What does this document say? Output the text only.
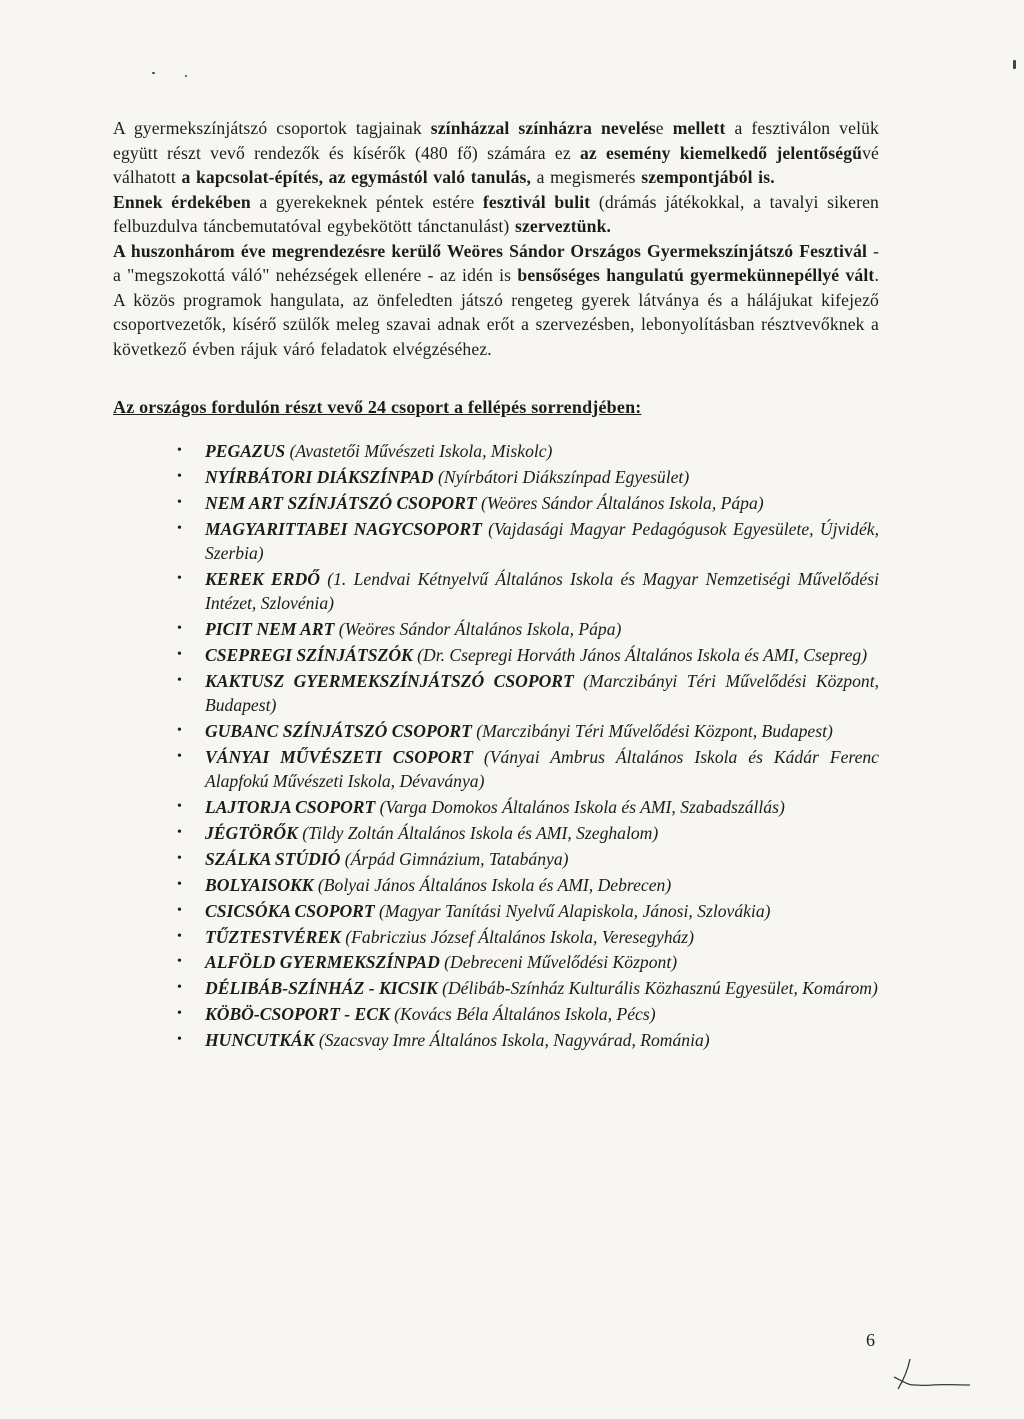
A gyermekszínjátszó csoportok tagjainak színházzal színházra nevelése mellett a fesztiválon velük együtt részt vevő rendezők és kísérők (480 fő) számára ez az esemény kiemelkedő jelentőségűvé válhatott a kapcsolat-építés, az egymástól való tanulás, a megismerés szempontjából is.

Ennek érdekében a gyerekeknek péntek estére fesztivál bulit (drámás játékokkal, a tavalyi sikeren felbuzdulva táncbemutatóval egybekötött tánctanulást) szerveztünk.

A huszonhárom éve megrendezésre kerülő Weöres Sándor Országos Gyermekszínjátszó Fesztivál - a "megszokottá váló" nehézségek ellenére - az idén is bensőséges hangulatú gyermekünnepéllyé vált. A közös programok hangulata, az önfeledten játszó rengeteg gyerek látványa és a hálájukat kifejező csoportvezetők, kísérő szülők meleg szavai adnak erőt a szervezésben, lebonyolításban résztvevőknek a következő évben rájuk váró feladatok elvégzéséhez.

Az országos fordulón részt vevő 24 csoport a fellépés sorrendjében:
• PEGAZUS (Avastetői Művészeti Iskola, Miskolc)
• NYÍRBÁTORI DIÁKSZÍNPAD (Nyírbátori Diákszínpad Egyesület)
• NEM ART SZÍNJÁTSZÓ CSOPORT (Weöres Sándor Általános Iskola, Pápa)
• MAGYARITTABEI NAGYCSOPORT (Vajdasági Magyar Pedagógusok Egyesülete, Újvidék, Szerbia)
• KEREK ERDŐ (1. Lendvai Kétnyelvű Általános Iskola és Magyar Nemzetiségi Művelődési Intézet, Szlovénia)
• PICIT NEM ART (Weöres Sándor Általános Iskola, Pápa)
• CSEPREGI SZÍNJÁTSZÓK (Dr. Csepregi Horváth János Általános Iskola és AMI, Csepreg)
• KAKTUSZ GYERMEKSZÍNJÁTSZÓ CSOPORT (Marczibányi Téri Művelődési Központ, Budapest)
• GUBANC SZÍNJÁTSZÓ CSOPORT (Marczibányi Téri Művelődési Központ, Budapest)
• VÁNYAI MŰVÉSZETI CSOPORT (Ványai Ambrus Általános Iskola és Kádár Ferenc Alapfokú Művészeti Iskola, Dévaványa)
• LAJTORJA CSOPORT (Varga Domokos Általános Iskola és AMI, Szabadszállás)
• JÉGTÖRŐK (Tildy Zoltán Általános Iskola és AMI, Szeghalom)
• SZÁLKA STÚDIÓ (Árpád Gimnázium, Tatabánya)
• BOLYAISOKK (Bolyai János Általános Iskola és AMI, Debrecen)
• CSICSÓKA CSOPORT (Magyar Tanítási Nyelvű Alapiskola, Jánosi, Szlovákia)
• TŰZTESTVÉREK (Fabriczius József Általános Iskola, Veresegyház)
• ALFÖLD GYERMEKSZÍNPAD (Debreceni Művelődési Központ)
• DÉLIBÁB-SZÍNHÁZ - KICSIK (Délibáb-Színház Kulturális Közhasznú Egyesület, Komárom)
• KÖBÖ-CSOPORT - ECK (Kovács Béla Általános Iskola, Pécs)
• HUNCUTKÁK (Szacsvay Imre Általános Iskola, Nagyvárad, Románia)
6
